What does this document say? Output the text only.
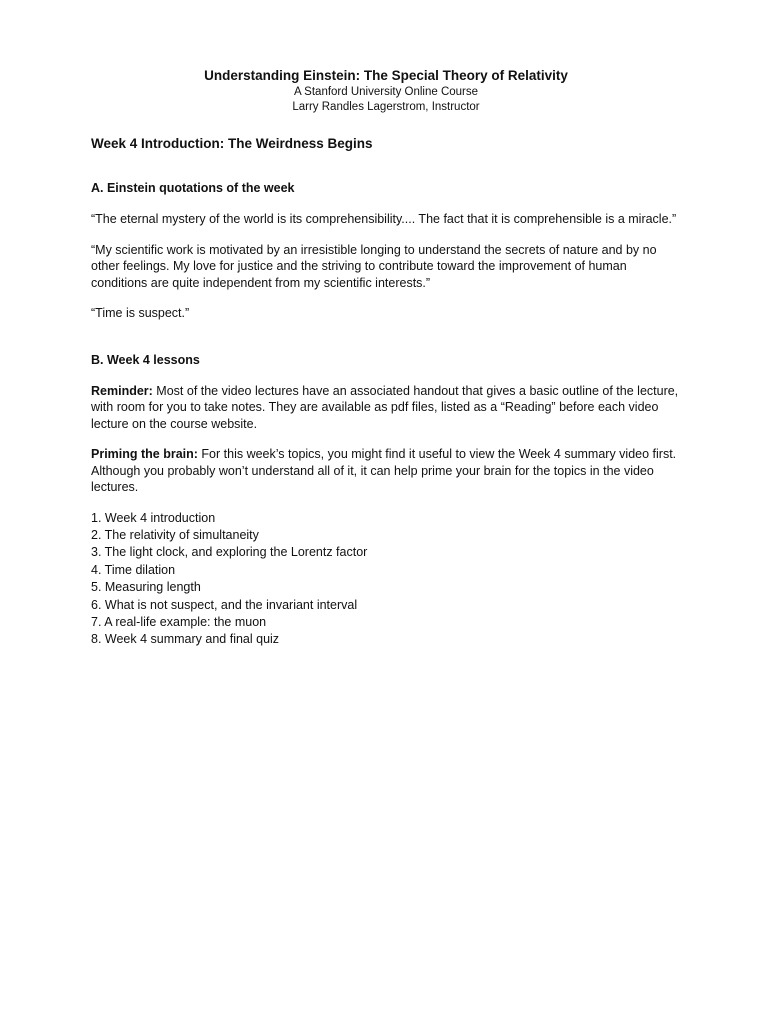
Understanding Einstein: The Special Theory of Relativity
A Stanford University Online Course
Larry Randles Lagerstrom, Instructor
Week 4 Introduction: The Weirdness Begins
A. Einstein quotations of the week

“The eternal mystery of the world is its comprehensibility.... The fact that it is comprehensible is a miracle.”

“My scientific work is motivated by an irresistible longing to understand the secrets of nature and by no other feelings. My love for justice and the striving to contribute toward the improvement of human conditions are quite independent from my scientific interests.”

“Time is suspect.”

B. Week 4 lessons

Reminder: Most of the video lectures have an associated handout that gives a basic outline of the lecture, with room for you to take notes. They are available as pdf files, listed as a “Reading” before each video lecture on the course website.

Priming the brain: For this week’s topics, you might find it useful to view the Week 4 summary video first. Although you probably won’t understand all of it, it can help prime your brain for the topics in the video lectures.

1. Week 4 introduction
2. The relativity of simultaneity
3. The light clock, and exploring the Lorentz factor
4. Time dilation
5. Measuring length
6. What is not suspect, and the invariant interval
7. A real-life example: the muon
8. Week 4 summary and final quiz
